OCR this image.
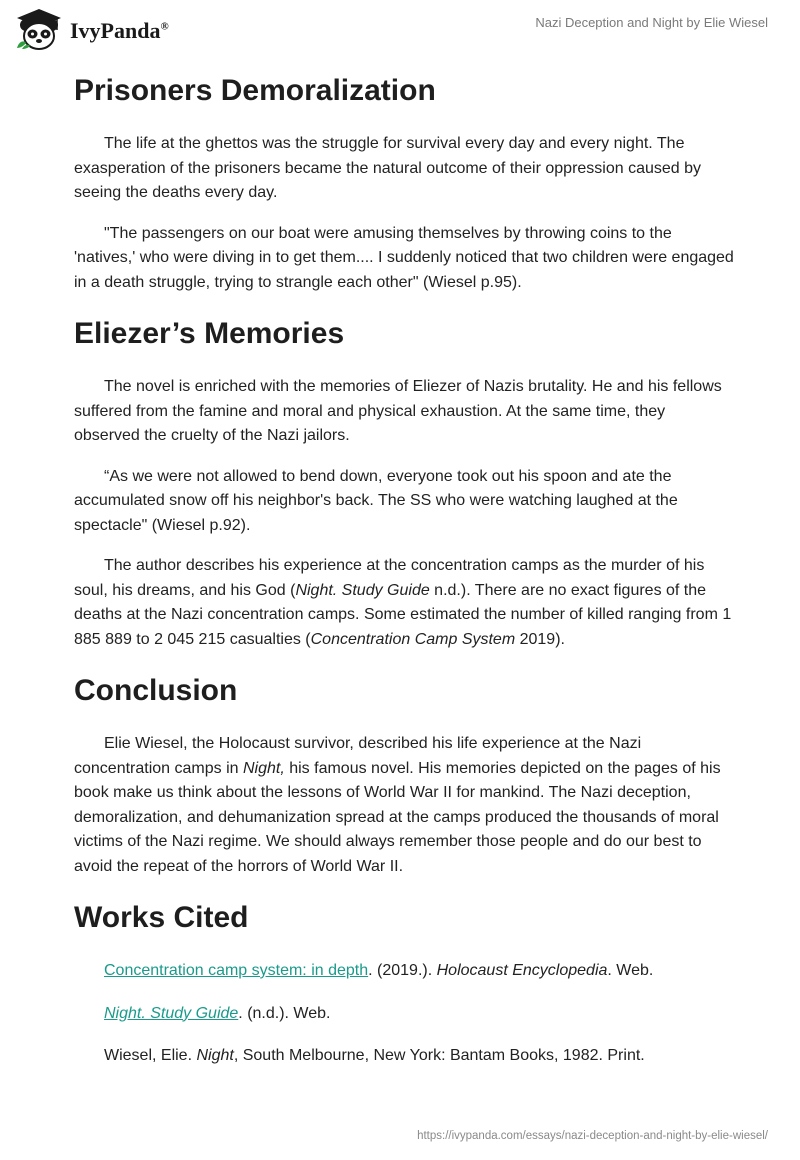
IvyPanda®	Nazi Deception and Night by Elie Wiesel
Prisoners Demoralization

The life at the ghettos was the struggle for survival every day and every night. The exasperation of the prisoners became the natural outcome of their oppression caused by seeing the deaths every day.

"The passengers on our boat were amusing themselves by throwing coins to the 'natives,' who were diving in to get them.... I suddenly noticed that two children were engaged in a death struggle, trying to strangle each other" (Wiesel p.95).

Eliezer’s Memories

The novel is enriched with the memories of Eliezer of Nazis brutality. He and his fellows suffered from the famine and moral and physical exhaustion. At the same time, they observed the cruelty of the Nazi jailors.

“As we were not allowed to bend down, everyone took out his spoon and ate the accumulated snow off his neighbor's back. The SS who were watching laughed at the spectacle" (Wiesel p.92).

The author describes his experience at the concentration camps as the murder of his soul, his dreams, and his God (Night. Study Guide n.d.). There are no exact figures of the deaths at the Nazi concentration camps. Some estimated the number of killed ranging from 1 885 889 to 2 045 215 casualties (Concentration Camp System 2019).

Conclusion

Elie Wiesel, the Holocaust survivor, described his life experience at the Nazi concentration camps in Night, his famous novel. His memories depicted on the pages of his book make us think about the lessons of World War II for mankind. The Nazi deception, demoralization, and dehumanization spread at the camps produced the thousands of moral victims of the Nazi regime. We should always remember those people and do our best to avoid the repeat of the horrors of World War II.

Works Cited

Concentration camp system: in depth. (2019.). Holocaust Encyclopedia. Web.

Night. Study Guide. (n.d.). Web.

Wiesel, Elie. Night, South Melbourne, New York: Bantam Books, 1982. Print.

https://ivypanda.com/essays/nazi-deception-and-night-by-elie-wiesel/
